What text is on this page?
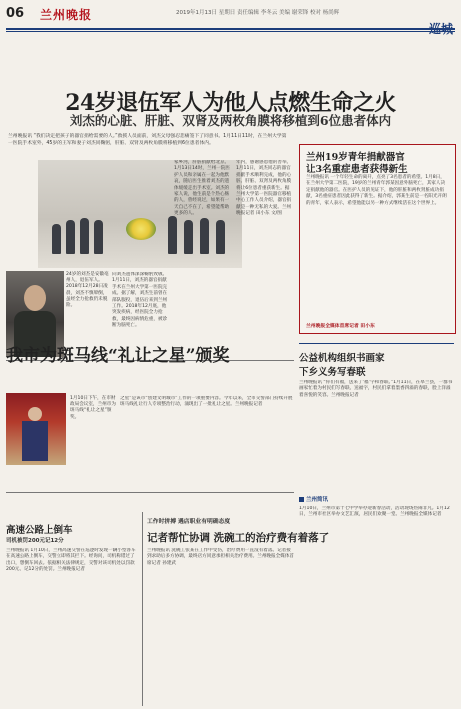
06 兰州晚报	2019年1月13日 星期日 责任编辑 李冬云 美编 谢荣锋 校对 杨尚辉
24岁退伍军人为他人点燃生命之火
刘杰的心脏、肝脏、双肾及两枚角膜将移植到6位患者体内
兰州晚报讯 “我们决定把孩子的器官捐给需要的人。”救援人员面前，刘杰父母强忍悲痛签下了同意书。1月11日11时，在兰州大学第一医院手术室外，45岁的王军和妻子刘杰同鞠躬，肝脏、双肾及两枚角膜将移植到6位患者体内。
24岁的刘杰是安徽亳州人，退伍军人。2018年12月28日凌晨，刘杰不慎晕倒，虽经全力抢救仍未脱险。
向刘杰遗体深深鞠躬致敬。1月11日，刘杰的器官捐献手术在兰州大学第一医院完成。据了解，刘杰生前曾在部队服役，退伍后来到兰州工作。2018年12月底，他突发疾病，经医院全力抢救，最终因病情危重，被诊断为脑死亡。
家乡河，肝脏捐献给北京。1月13日14时，兰州一院医护人员和亲属在一起为他默哀，随后医生推着刘杰的遗体缓缓走出手术室。刘杰的家人说，他生前是个热心肠的人，曾经说过，如果有一天自己不在了，希望能帮助更多的人。
年内，感谢感恩他的善举。1月11日，刘杰同志的器官捐献手术顺利完成，他的心脏、肝脏、双肾及两枚角膜将让6位患者重获新生。据兰州大学第一医院器官移植中心工作人员介绍，器官捐献是一种无私的大爱。兰州晚报记者 田小东 文/图
兰州19岁青年捐献器官
让3名重症患者获得新生
兰州晚报讯 一个年轻生命的离开，点亮了3名患者的希望。1月8日，在兰州大学第二医院，19岁的兰州青年郭某因意外脑死亡，其家人决定捐献他的器官。在医护人员的见证下，他的肝脏和两枚肾脏成功捐献，3名重症患者因此获得了新生。据介绍，郭某生前是一名阳光开朗的青年，家人表示，希望他能以另一种方式继续活在这个世界上。
兰州晚报全媒体首席记者 田小东
我市为斑马线“礼让之星”颁奖
1月10日下午，在市财政局会议室，兰州市为斑马线“礼让之星”颁奖。
之星”是该市“创建文明城市”工作的一项重要内容。今年以来，全市交警部门持续开展斑马线礼让行人专项整治行动，涌现出了一批礼让之星。兰州晚报记者
高速公路上倒车
司机被罚200元记12分
兰州晚报讯 1月10日，兰州高速交警在巡逻时发现一辆小型客车在高速公路上倒车，交警立即将其拦下。经询问，司机称错过了出口，想倒车回去。依据相关法律规定，交警对该司机处以罚款200元、记12分的处罚。兰州晚报记者
工作时拼搏 遇店职业有明确态度
记者帮忙协调 洗碗工的治疗费有着落了
兰州晚报讯 洗碗工张某在工作中受伤，治疗费用一直没有着落。记者接到求助后多方协调，最终店方同意承担相关治疗费用。兰州晚报全媒体首席记者 孙建武
公益机构组织书画家
下乡义务写春联
兰州晚报讯 “你们有福，送来了‘福’字和春联。”1月11日，在皋兰县，一群书画家忙着为村民们写春联、送福字，村民们拿着墨香四溢的春联，脸上洋溢着喜悦的笑容。兰州晚报记者
兰州简讯
1月10日，兰州市第十七中学举办迎新春活动，活动现场热闹非凡。1月12日，兰州市社区举办文艺汇演，居民们欢聚一堂。兰州晚报全媒体记者
